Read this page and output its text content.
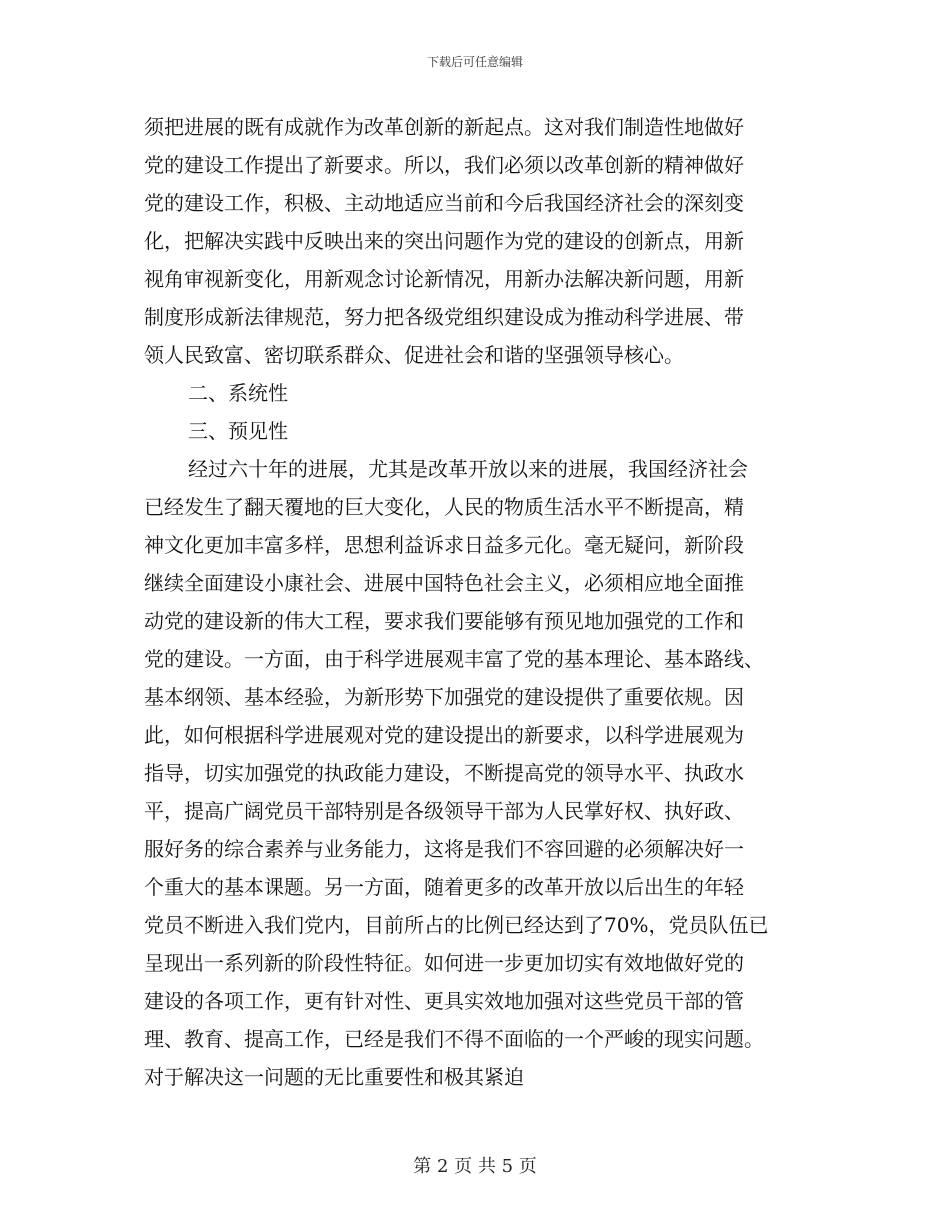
下载后可任意编辑
须把进展的既有成就作为改革创新的新起点。这对我们制造性地做好
党的建设工作提出了新要求。所以，我们必须以改革创新的精神做好
党的建设工作，积极、主动地适应当前和今后我国经济社会的深刻变
化，把解决实践中反映出来的突出问题作为党的建设的创新点，用新
视角审视新变化，用新观念讨论新情况，用新办法解决新问题，用新
制度形成新法律规范，努力把各级党组织建设成为推动科学进展、带
领人民致富、密切联系群众、促进社会和谐的坚强领导核心。
二、系统性
三、预见性
经过六十年的进展，尤其是改革开放以来的进展，我国经济社会
已经发生了翻天覆地的巨大变化，人民的物质生活水平不断提高，精
神文化更加丰富多样，思想利益诉求日益多元化。毫无疑问，新阶段
继续全面建设小康社会、进展中国特色社会主义，必须相应地全面推
动党的建设新的伟大工程，要求我们要能够有预见地加强党的工作和
党的建设。一方面，由于科学进展观丰富了党的基本理论、基本路线、
基本纲领、基本经验，为新形势下加强党的建设提供了重要依规。因
此，如何根据科学进展观对党的建设提出的新要求，以科学进展观为
指导，切实加强党的执政能力建设，不断提高党的领导水平、执政水
平，提高广阔党员干部特别是各级领导干部为人民掌好权、执好政、
服好务的综合素养与业务能力，这将是我们不容回避的必须解决好一
个重大的基本课题。另一方面，随着更多的改革开放以后出生的年轻
党员不断进入我们党内，目前所占的比例已经达到了70%，党员队伍已
呈现出一系列新的阶段性特征。如何进一步更加切实有效地做好党的
建设的各项工作，更有针对性、更具实效地加强对这些党员干部的管
理、教育、提高工作，已经是我们不得不面临的一个严峻的现实问题。
对于解决这一问题的无比重要性和极其紧迫
第 2 页 共 5 页
